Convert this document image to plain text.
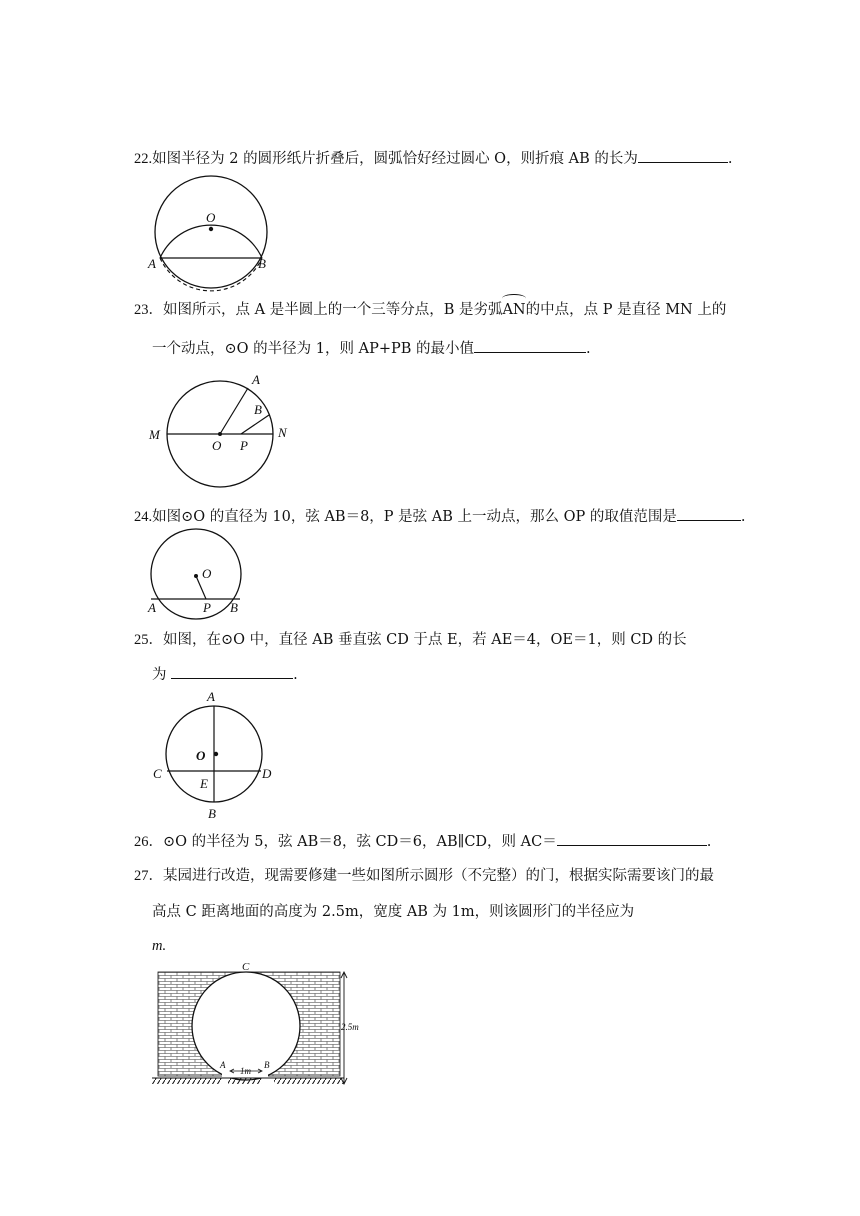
22.如图半径为 2 的圆形纸片折叠后，圆弧恰好经过圆心 O，则折痕 AB 的长为	.
O
A	B
23．如图所示，点 A 是半圆上的一个三等分点，B 是劣弧AN的中点，点 P 是直径 MN 上的
一个动点，⊙O 的半径为 1，则 AP+PB 的最小值	.
A
B
M	N
O P
24.如图⊙O 的直径为 10，弦 AB＝8，P 是弦 AB 上一动点，那么 OP 的取值范围是	.
O
A	P B
25．如图，在⊙O 中，直径 AB 垂直弦 CD 于点 E，若 AE＝4，OE＝1，则 CD 的长
为	.
A
O
C	D
E
B
26．⊙O 的半径为 5，弦 AB＝8，弦 CD＝6，AB∥CD，则 AC＝	.
27．某园进行改造，现需要修建一些如图所示圆形（不完整）的门，根据实际需要该门的最
高点 C 距离地面的高度为 2.5m，宽度 AB 为 1m，则该圆形门的半径应为
m.
C
2.5m
A
1m
B
